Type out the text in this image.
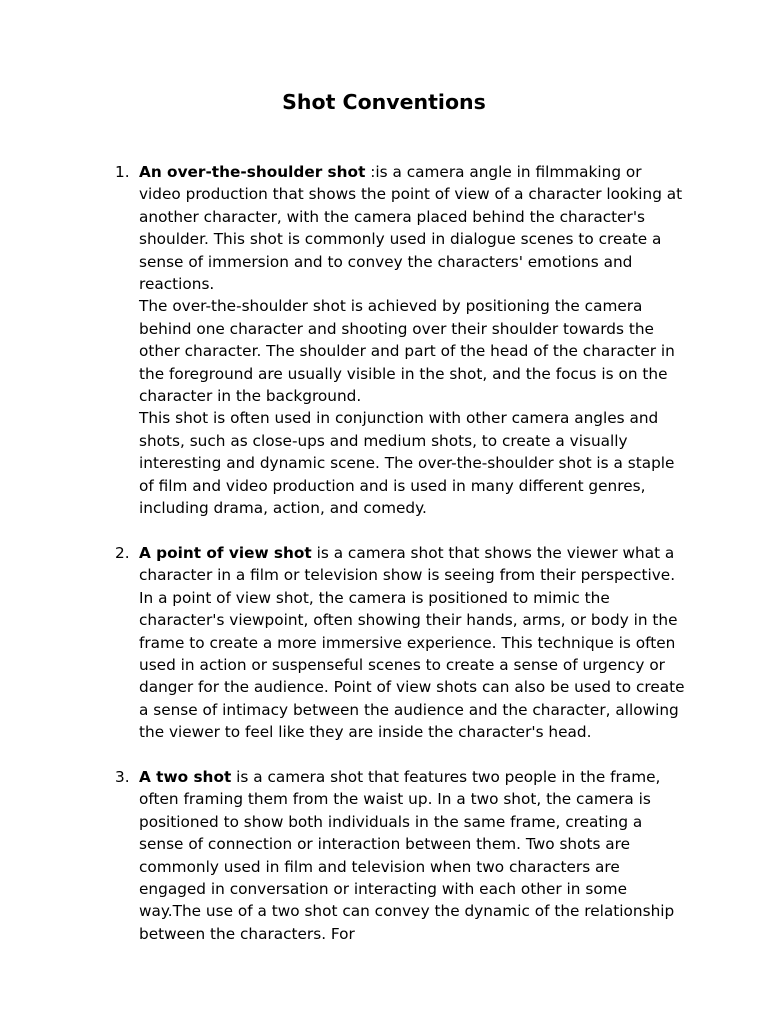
Shot Conventions
1. An over-the-shoulder shot :is a camera angle in filmmaking or video production that shows the point of view of a character looking at another character, with the camera placed behind the character's shoulder. This shot is commonly used in dialogue scenes to create a sense of immersion and to convey the characters' emotions and reactions.

The over-the-shoulder shot is achieved by positioning the camera behind one character and shooting over their shoulder towards the other character. The shoulder and part of the head of the character in the foreground are usually visible in the shot, and the focus is on the character in the background.

This shot is often used in conjunction with other camera angles and shots, such as close-ups and medium shots, to create a visually interesting and dynamic scene. The over-the-shoulder shot is a staple of film and video production and is used in many different genres, including drama, action, and comedy.

2. A point of view shot is a camera shot that shows the viewer what a character in a film or television show is seeing from their perspective. In a point of view shot, the camera is positioned to mimic the character's viewpoint, often showing their hands, arms, or body in the frame to create a more immersive experience. This technique is often used in action or suspenseful scenes to create a sense of urgency or danger for the audience. Point of view shots can also be used to create a sense of intimacy between the audience and the character, allowing the viewer to feel like they are inside the character's head.

3. A two shot is a camera shot that features two people in the frame, often framing them from the waist up. In a two shot, the camera is positioned to show both individuals in the same frame, creating a sense of connection or interaction between them. Two shots are commonly used in film and television when two characters are engaged in conversation or interacting with each other in some way.The use of a two shot can convey the dynamic of the relationship between the characters. For
